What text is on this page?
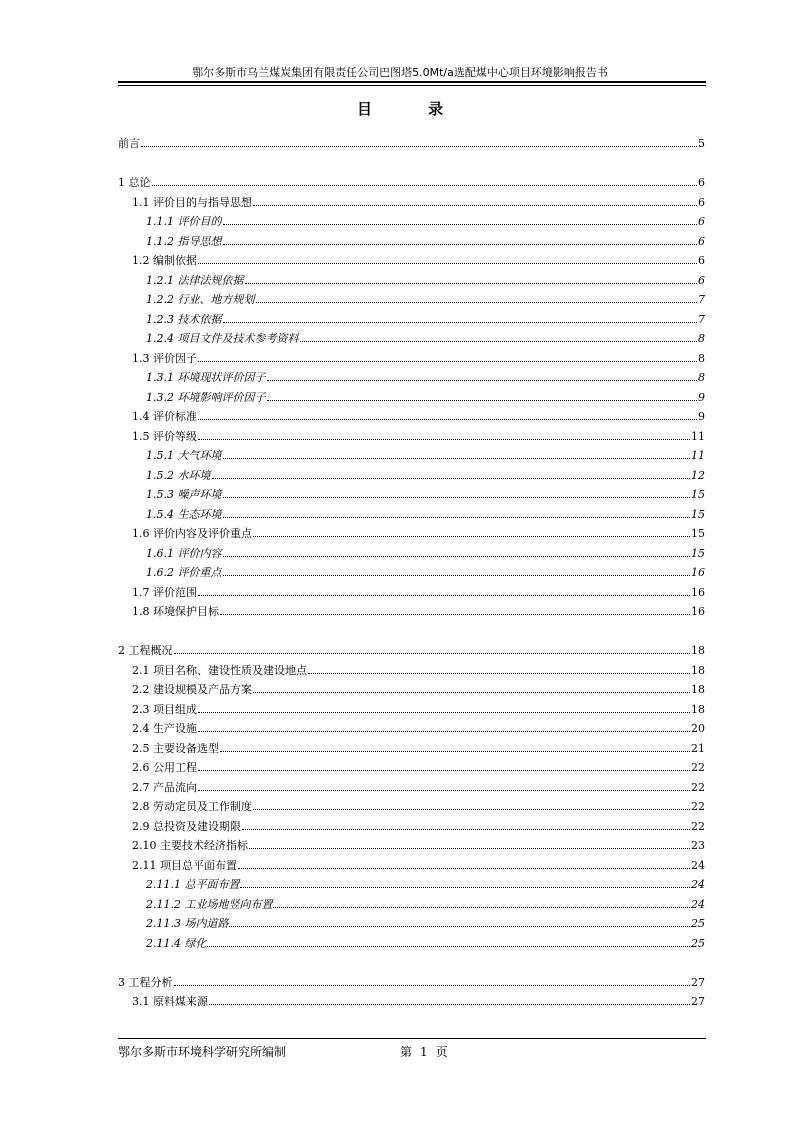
鄂尔多斯市乌兰煤炭集团有限责任公司巴图塔5.0Mt/a选配煤中心项目环境影响报告书
目	录
前言	5
1 总论	6
1.1 评价目的与指导思想	6
1.1.1 评价目的	6
1.1.2 指导思想	6
1.2 编制依据	6
1.2.1 法律法规依据	6
1.2.2 行业、地方规划	7
1.2.3 技术依据	7
1.2.4 项目文件及技术参考资料	8
1.3 评价因子	8
1.3.1 环境现状评价因子	8
1.3.2 环境影响评价因子	9
1.4 评价标准	9
1.5 评价等级	11
1.5.1 大气环境	11
1.5.2 水环境	12
1.5.3 噪声环境	15
1.5.4 生态环境	15
1.6 评价内容及评价重点	15
1.6.1 评价内容	15
1.6.2 评价重点	16
1.7 评价范围	16
1.8 环境保护目标	16
2 工程概况	18
2.1 项目名称、建设性质及建设地点	18
2.2 建设规模及产品方案	18
2.3 项目组成	18
2.4 生产设施	20
2.5 主要设备选型	21
2.6 公用工程	22
2.7 产品流向	22
2.8 劳动定员及工作制度	22
2.9 总投资及建设期限	22
2.10 主要技术经济指标	23
2.11 项目总平面布置	24
2.11.1 总平面布置	24
2.11.2 工业场地竖向布置	24
2.11.3 场内道路	25
2.11.4 绿化	25
3 工程分析	27
3.1 原料煤来源	27
鄂尔多斯市环境科学研究所编制	第 1 页
